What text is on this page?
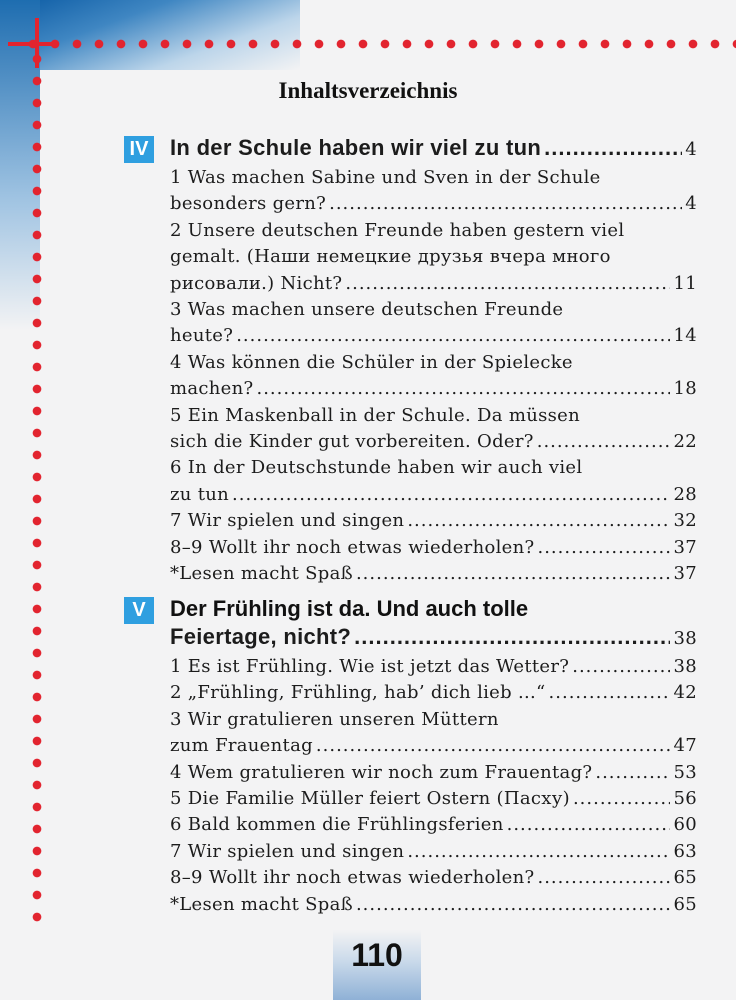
Inhaltsverzeichnis
IV In der Schule haben wir viel zu tun .....	4
1 Was machen Sabine und Sven in der Schule
besonders gern? .....	4
2 Unsere deutschen Freunde haben gestern viel
gemalt. (Наши немецкие друзья вчера много
рисовали.) Nicht? .....	11
3 Was machen unsere deutschen Freunde
heute? .....	14
4 Was können die Schüler in der Spielecke
machen? .....	18
5 Ein Maskenball in der Schule. Da müssen
sich die Kinder gut vorbereiten. Oder? .....	22
6 In der Deutschstunde haben wir auch viel
zu tun .....	28
7 Wir spielen und singen .....	32
8–9 Wollt ihr noch etwas wiederholen? .....	37
*Lesen macht Spaß .....	37
V	Der Frühling ist da. Und auch tolle
Feiertage, nicht? .....	38
1 Es ist Frühling. Wie ist jetzt das Wetter? .....	38
2 „Frühling, Frühling, hab’ dich lieb ...“ .....	42
3 Wir gratulieren unseren Müttern
zum Frauentag .....	47
4 Wem gratulieren wir noch zum Frauentag? .....	53
5 Die Familie Müller feiert Ostern (Пасху) .....	56
6 Bald kommen die Frühlingsferien .....	60
7 Wir spielen und singen .....	63
8–9 Wollt ihr noch etwas wiederholen? .....	65
*Lesen macht Spaß .....	65
110
